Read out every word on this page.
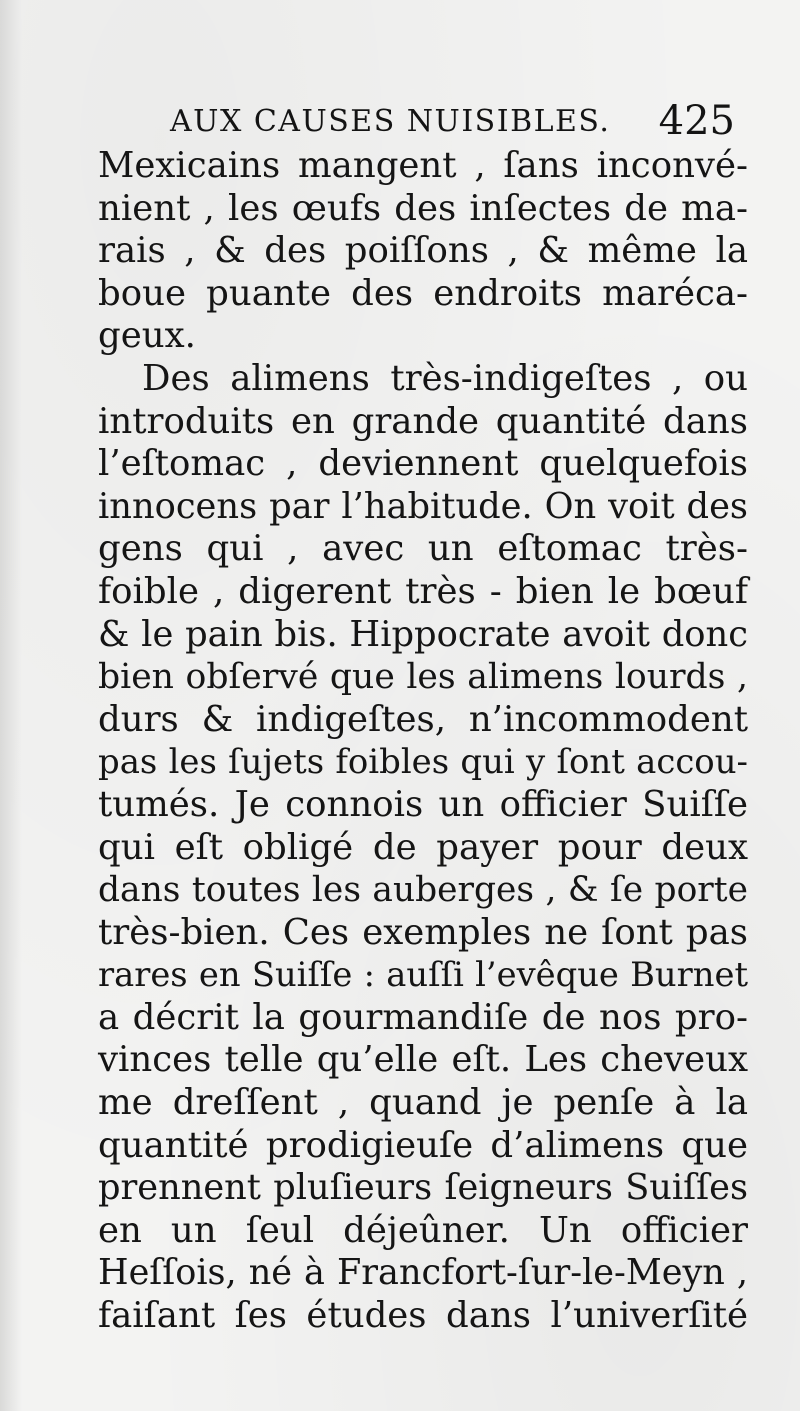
AUX CAUSES NUISIBLES. 425
Mexicains mangent , ſans inconvé-
nient , les œufs des inſectes de ma-
rais , & des poiſſons , & même la
boue puante des endroits maréca-
geux.
Des alimens très-indigeſtes , ou
introduits en grande quantité dans
l’eſtomac , deviennent quelquefois
innocens par l’habitude. On voit des
gens qui , avec un eſtomac très-
foible , digerent très - bien le bœuf
& le pain bis. Hippocrate avoit donc
bien obſervé que les alimens lourds ,
durs & indigeſtes, n’incommodent
pas les ſujets foibles qui y ſont accou-
tumés. Je connois un officier Suiſſe
qui eſt obligé de payer pour deux
dans toutes les auberges , & ſe porte
très-bien. Ces exemples ne ſont pas
rares en Suiſſe : auſſi l’evêque Burnet
a décrit la gourmandiſe de nos pro-
vinces telle qu’elle eſt. Les cheveux
me dreſſent , quand je penſe à la
quantité prodigieuſe d’alimens que
prennent pluſieurs ſeigneurs Suiſſes
en un ſeul déjeûner. Un officier
Heſſois, né à Francfort-ſur-le-Meyn ,
faiſant ſes études dans l’univerſité
